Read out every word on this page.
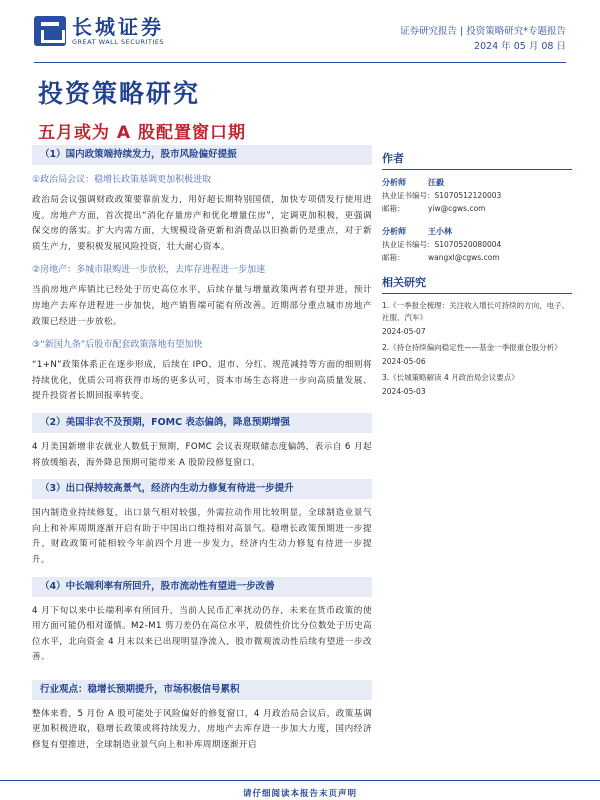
长城证券
GREAT WALL SECURITIES
证券研究报告 | 投资策略研究*专题报告
2024 年 05 月 08 日
投资策略研究
五月或为 A 股配置窗口期
（1）国内政策端持续发力，股市风险偏好提振
①政治局会议：稳增长政策基调更加积极进取
政治局会议强调财政政策要靠前发力，用好超长期特别国债，加快专项债发行使用进度。房地产方面，首次提出“消化存量房产和优化增量住房”，定调更加积极，更强调保交房的落实。扩大内需方面，大规模设备更新和消费品以旧换新仍是重点，对于新质生产力，要积极发展风险投资，壮大耐心资本。
②房地产：多城市限购进一步放松，去库存进程进一步加速
当前房地产库销比已经处于历史高位水平，后续存量与增量政策两者有望并进，预计房地产去库存进程进一步加快，地产销售端可能有所改善。近期部分重点城市房地产政策已经进一步放松。
③“新国九条”后股市配套政策落地有望加快
“1+N”政策体系正在逐步形成，后续在 IPO、退市、分红、规范减持等方面的细则将持续优化，优质公司将获得市场的更多认可，资本市场生态将进一步向高质量发展、提升投资者长期回报率转变。
（2）美国非农不及预期，FOMC 表态偏鸽，降息预期增强
4 月美国新增非农就业人数低于预期，FOMC 会议表现联储态度偏鸽，表示自 6 月起将放缓缩表，海外降息预期可能带来 A 股阶段修复窗口。
（3）出口保持较高景气，经济内生动力修复有待进一步提升
国内制造业持续修复，出口景气相对较强，外需拉动作用比较明显，全球制造业景气向上和补库周期逐渐开启有助于中国出口维持相对高景气。稳增长政策预期进一步提升，财政政策可能相较今年前四个月进一步发力，经济内生动力修复有待进一步提升。
（4）中长端利率有所回升，股市流动性有望进一步改善
4 月下旬以来中长端利率有所回升，当前人民币汇率扰动仍存，未来在货币政策的使用方面可能仍相对谨慎。M2-M1 剪刀差仍在高位水平，股债性价比分位数处于历史高位水平，北向资金 4 月末以来已出现明显净流入，股市微观流动性后续有望进一步改善。
行业观点：稳增长预期提升，市场积极信号累积
整体来看，5 月份 A 股可能处于风险偏好的修复窗口，4 月政治局会议后，政策基调更加积极进取，稳增长政策或将持续发力，房地产去库存进一步加大力度，国内经济修复有望推进，全球制造业景气向上和补库周期逐渐开启
作者
分析师	汪毅
执业证书编号：S1070512120003
邮箱：	yiw@cgws.com
分析师	王小林
执业证书编号：S1070520080004
邮箱：	wangxl@cgws.com
相关研究
1.《一季报全梳理：关注收入增长可持续的方向，电子、社服、汽车》
2024-05-07
2.《持仓持续偏向稳定性——基金一季报重仓股分析》
2024-05-06
3.《长城策略解读 4 月政治局会议要点》
2024-05-03
请仔细阅读本报告末页声明
